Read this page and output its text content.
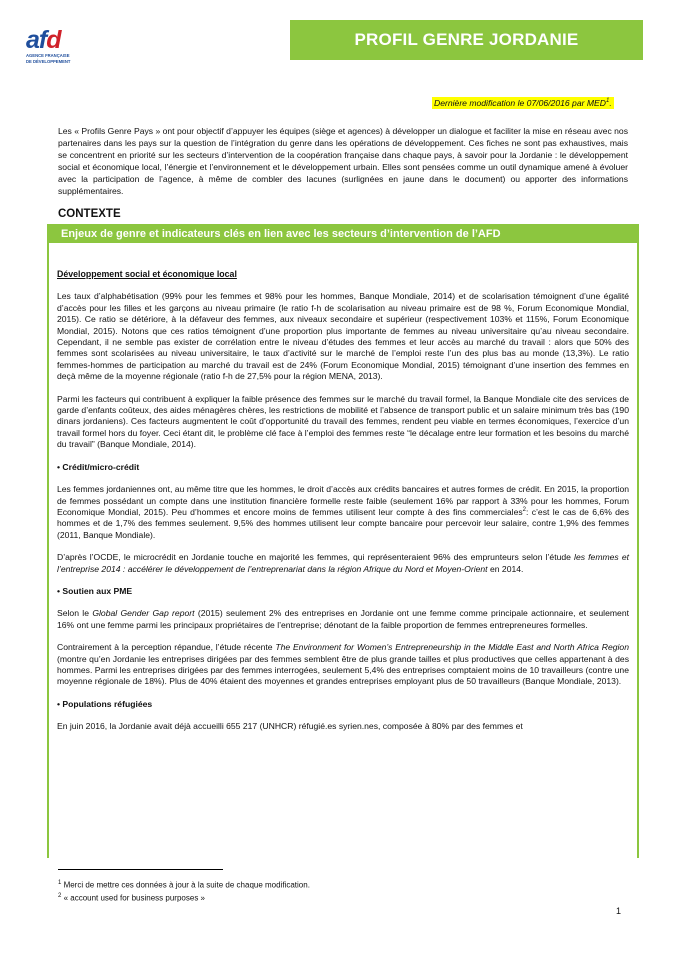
afd
AGENCE FRANÇAISE
DE DÉVELOPPEMENT
PROFIL GENRE JORDANIE
Dernière modification le 07/06/2016 par MED$^1$.
Les « Profils Genre Pays » ont pour objectif d’appuyer les équipes (siège et agences) à développer un dialogue et faciliter la mise en réseau avec nos partenaires dans les pays sur la question de l’intégration du genre dans les opérations de développement. Ces fiches ne sont pas exhaustives, mais se concentrent en priorité sur les secteurs d’intervention de la coopération française dans chaque pays, à savoir pour la Jordanie : le développement social et économique local, l’énergie et l’environnement et le développement urbain. Elles sont pensées comme un outil dynamique amené à évoluer avec la participation de l’agence, à même de combler des lacunes (surlignées en jaune dans le document) ou apporter des informations supplémentaires.
CONTEXTE
Enjeux de genre et indicateurs clés en lien avec les secteurs d’intervention de l’AFD
Développement social et économique local

Les taux d’alphabétisation (99% pour les femmes et 98% pour les hommes, Banque Mondiale, 2014) et de scolarisation témoignent d’une égalité d’accès pour les filles et les garçons au niveau primaire (le ratio f-h de scolarisation au niveau primaire est de 98 %, Forum Economique Mondial, 2015). Ce ratio se détériore, à la défaveur des femmes, aux niveaux secondaire et supérieur (respectivement 103% et 115%, Forum Economique Mondial, 2015). Notons que ces ratios témoignent d’une proportion plus importante de femmes au niveau universitaire qu’au niveau secondaire. Cependant, il ne semble pas exister de corrélation entre le niveau d’études des femmes et leur accès au marché du travail : alors que 50% des femmes sont scolarisées au niveau universitaire, le taux d’activité sur le marché de l’emploi reste l’un des plus bas au monde (13,3%). Le ratio femmes-hommes de participation au marché du travail est de 24% (Forum Economique Mondial, 2015) témoignant d’une insertion des femmes en deçà même de la moyenne régionale (ratio f-h de 27,5% pour la région MENA, 2013).

Parmi les facteurs qui contribuent à expliquer la faible présence des femmes sur le marché du travail formel, la Banque Mondiale cite des services de garde d’enfants coûteux, des aides ménagères chères, les restrictions de mobilité et l’absence de transport public et un salaire minimum très bas (190 dinars jordaniens). Ces facteurs augmentent le coût d’opportunité du travail des femmes, rendent peu viable en termes économiques, l’exercice d’un travail formel hors du foyer. Ceci étant dit, le problème clé face à l’emploi des femmes reste “le décalage entre leur formation et les besoins du marché du travail” (Banque Mondiale, 2014).

• Crédit/micro-crédit

Les femmes jordaniennes ont, au même titre que les hommes, le droit d’accès aux crédits bancaires et autres formes de crédit. En 2015, la proportion de femmes possédant un compte dans une institution financière formelle reste faible (seulement 16% par rapport à 33% pour les hommes, Forum Economique Mondial, 2015). Peu d’hommes et encore moins de femmes utilisent leur compte à des fins commerciales$^2$: c’est le cas de 6,6% des hommes et de 1,7% des femmes seulement. 9,5% des hommes utilisent leur compte bancaire pour percevoir leur salaire, contre 1,9% des femmes (2011, Banque Mondiale).

D’après l’OCDE, le microcrédit en Jordanie touche en majorité les femmes, qui représenteraient 96% des emprunteurs selon l’étude les femmes et l’entreprise 2014 : accélérer le développement de l’entreprenariat dans la région Afrique du Nord et Moyen-Orient en 2014.

• Soutien aux PME

Selon le Global Gender Gap report (2015) seulement 2% des entreprises en Jordanie ont une femme comme principale actionnaire, et seulement 16% ont une femme parmi les principaux propriétaires de l’entreprise; dénotant de la faible proportion de femmes entrepreneures formelles.

Contrairement à la perception répandue, l’étude récente The Environment for Women’s Entrepreneurship in the Middle East and North Africa Region (montre qu’en Jordanie les entreprises dirigées par des femmes semblent être de plus grande tailles et plus productives que celles appartenant à des hommes. Parmi les entreprises dirigées par des femmes interrogées, seulement 5,4% des entreprises comptaient moins de 10 travailleurs (contre une moyenne régionale de 18%). Plus de 40% étaient des moyennes et grandes entreprises employant plus de 50 travailleurs (Banque Mondiale, 2013).

• Populations réfugiées

En juin 2016, la Jordanie avait déjà accueilli 655 217 (UNHCR) réfugié.es syrien.nes, composée à 80% par des femmes et

$^1$ Merci de mettre ces données à jour à la suite de chaque modification.
$^2$ « account used for business purposes »
1
